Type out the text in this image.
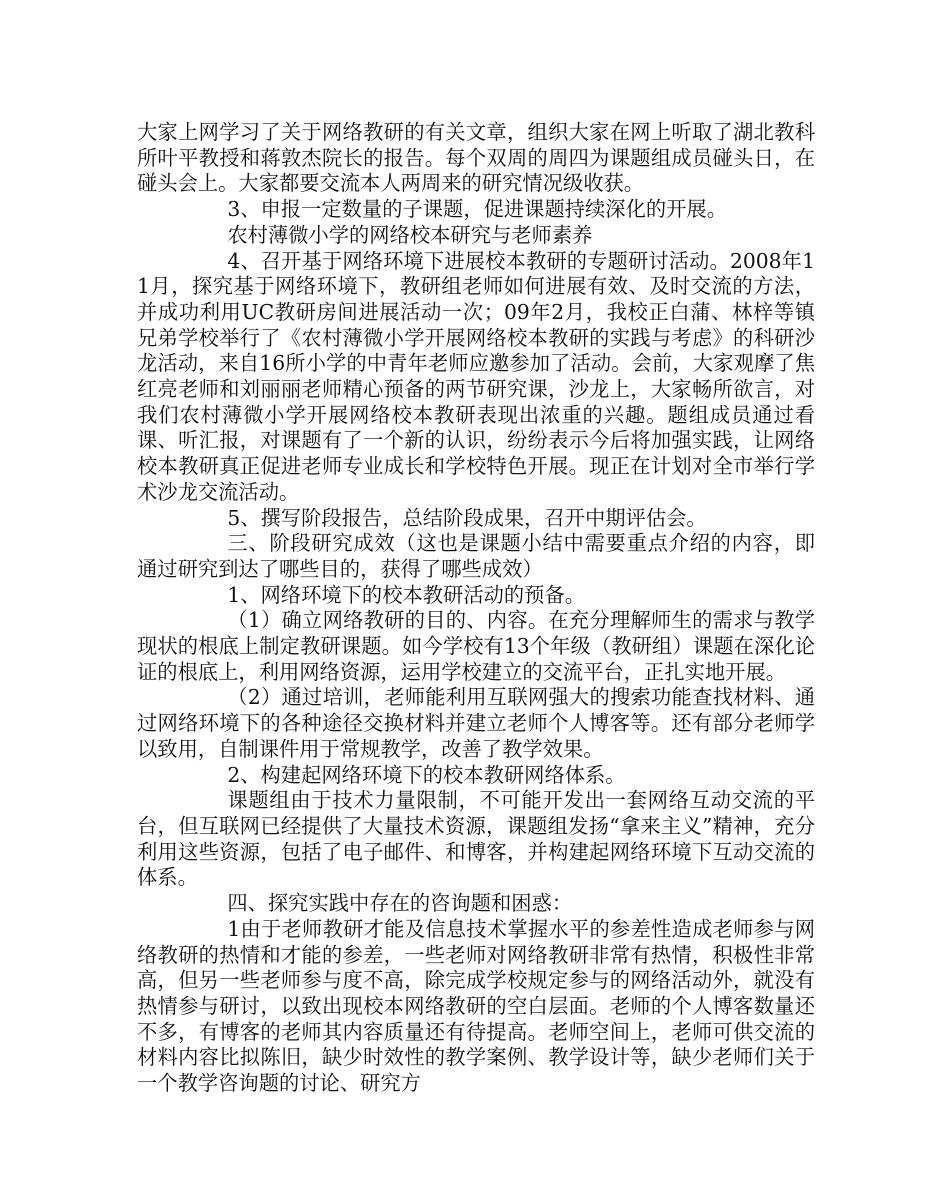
大家上网学习了关于网络教研的有关文章，组织大家在网上听取了湖北教科所叶平教授和蒋敦杰院长的报告。每个双周的周四为课题组成员碰头日，在碰头会上。大家都要交流本人两周来的研究情况级收获。

3、申报一定数量的子课题，促进课题持续深化的开展。

农村薄微小学的网络校本研究与老师素养

4、召开基于网络环境下进展校本教研的专题研讨活动。2008年11月，探究基于网络环境下，教研组老师如何进展有效、及时交流的方法，并成功利用UC教研房间进展活动一次；09年2月，我校正白蒲、林梓等镇兄弟学校举行了《农村薄微小学开展网络校本教研的实践与考虑》的科研沙龙活动，来自16所小学的中青年老师应邀参加了活动。会前，大家观摩了焦红亮老师和刘丽丽老师精心预备的两节研究课，沙龙上，大家畅所欲言，对我们农村薄微小学开展网络校本教研表现出浓重的兴趣。题组成员通过看课、听汇报，对课题有了一个新的认识，纷纷表示今后将加强实践，让网络校本教研真正促进老师专业成长和学校特色开展。现正在计划对全市举行学术沙龙交流活动。

5、撰写阶段报告，总结阶段成果，召开中期评估会。

三、阶段研究成效（这也是课题小结中需要重点介绍的内容，即通过研究到达了哪些目的，获得了哪些成效）

1、网络环境下的校本教研活动的预备。

（1）确立网络教研的目的、内容。在充分理解师生的需求与教学现状的根底上制定教研课题。如今学校有13个年级（教研组）课题在深化论证的根底上，利用网络资源，运用学校建立的交流平台，正扎实地开展。

（2）通过培训，老师能利用互联网强大的搜索功能查找材料、通过网络环境下的各种途径交换材料并建立老师个人博客等。还有部分老师学以致用，自制课件用于常规教学，改善了教学效果。

2、构建起网络环境下的校本教研网络体系。

课题组由于技术力量限制，不可能开发出一套网络互动交流的平台，但互联网已经提供了大量技术资源，课题组发扬“拿来主义”精神，充分利用这些资源，包括了电子邮件、和博客，并构建起网络环境下互动交流的体系。

四、探究实践中存在的咨询题和困惑：

1由于老师教研才能及信息技术掌握水平的参差性造成老师参与网络教研的热情和才能的参差，一些老师对网络教研非常有热情，积极性非常高，但另一些老师参与度不高，除完成学校规定参与的网络活动外，就没有热情参与研讨，以致出现校本网络教研的空白层面。老师的个人博客数量还不多，有博客的老师其内容质量还有待提高。老师空间上，老师可供交流的材料内容比拟陈旧，缺少时效性的教学案例、教学设计等，缺少老师们关于一个教学咨询题的讨论、研究方
